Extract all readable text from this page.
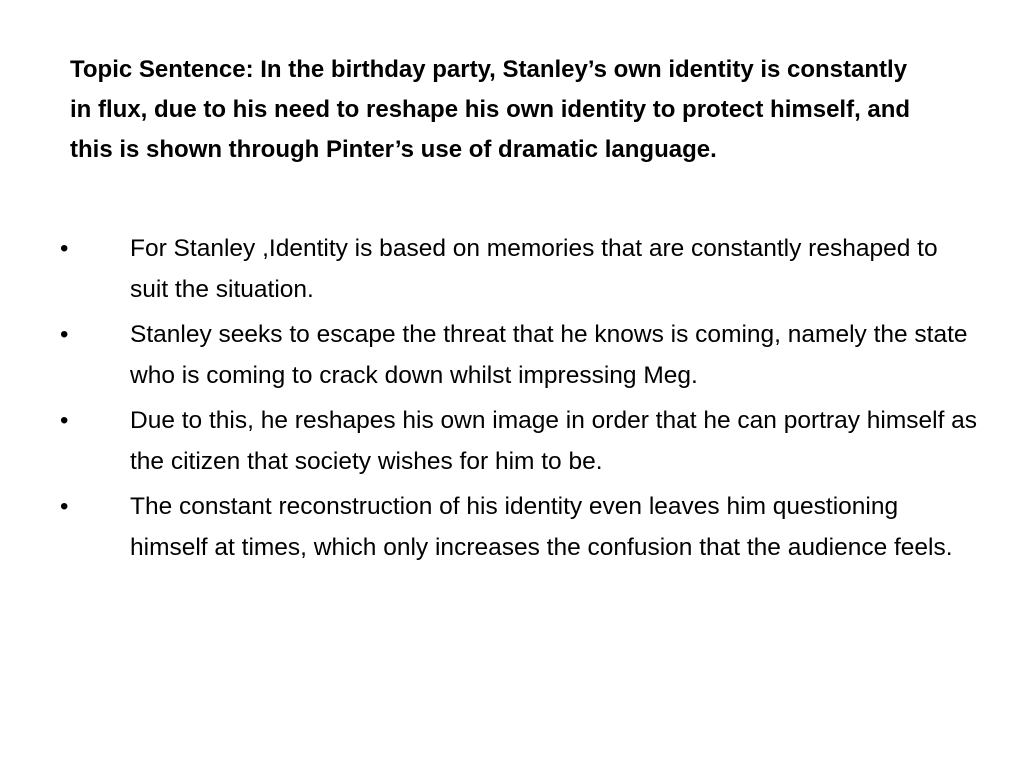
Topic Sentence: In the birthday party, Stanley’s own identity is constantly in flux, due to his need to reshape his own identity to protect himself, and this is shown through Pinter’s use of dramatic language.
•	For Stanley ,Identity is based on memories that are constantly reshaped to suit the situation.
•	Stanley seeks to escape the threat that he knows is coming, namely the state who is coming to crack down whilst impressing Meg.
•	Due to this, he reshapes his own image in order that he can portray himself as the citizen that society wishes for him to be.
•	The constant reconstruction of his identity even leaves him questioning himself at times, which only increases the confusion that the audience feels.
